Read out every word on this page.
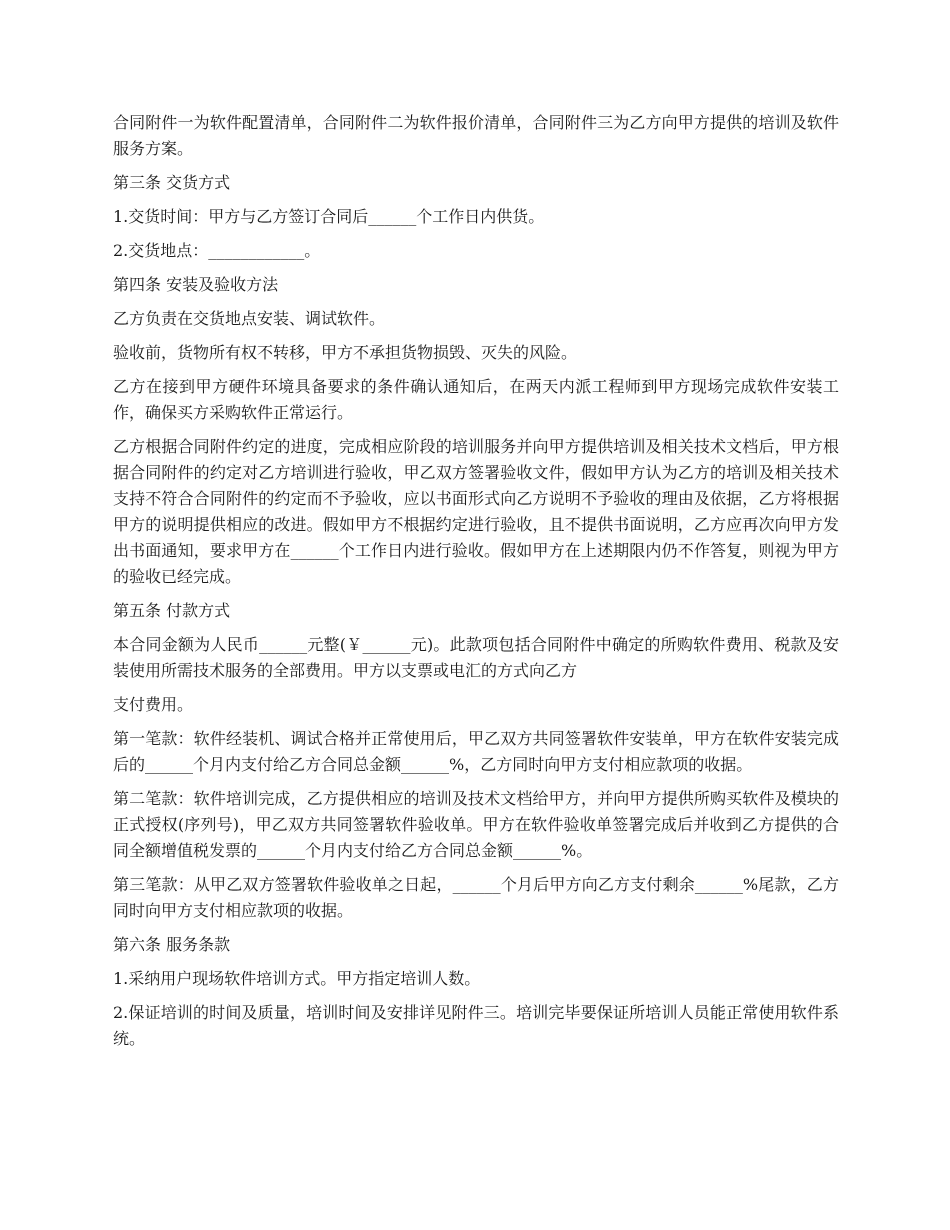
合同附件一为软件配置清单，合同附件二为软件报价清单，合同附件三为乙方向甲方提供的培训及软件服务方案。

第三条 交货方式

1.交货时间：甲方与乙方签订合同后______个工作日内供货。

2.交货地点：____________。

第四条 安装及验收方法

乙方负责在交货地点安装、调试软件。

验收前，货物所有权不转移，甲方不承担货物损毁、灭失的风险。

乙方在接到甲方硬件环境具备要求的条件确认通知后，在两天内派工程师到甲方现场完成软件安装工作，确保买方采购软件正常运行。

乙方根据合同附件约定的进度，完成相应阶段的培训服务并向甲方提供培训及相关技术文档后，甲方根据合同附件的约定对乙方培训进行验收，甲乙双方签署验收文件，假如甲方认为乙方的培训及相关技术支持不符合合同附件的约定而不予验收，应以书面形式向乙方说明不予验收的理由及依据，乙方将根据甲方的说明提供相应的改进。假如甲方不根据约定进行验收，且不提供书面说明，乙方应再次向甲方发出书面通知，要求甲方在______个工作日内进行验收。假如甲方在上述期限内仍不作答复，则视为甲方的验收已经完成。

第五条 付款方式

本合同金额为人民币______元整(￥______元)。此款项包括合同附件中确定的所购软件费用、税款及安装使用所需技术服务的全部费用。甲方以支票或电汇的方式向乙方

支付费用。

第一笔款：软件经装机、调试合格并正常使用后，甲乙双方共同签署软件安装单，甲方在软件安装完成后的______个月内支付给乙方合同总金额______%，乙方同时向甲方支付相应款项的收据。

第二笔款：软件培训完成，乙方提供相应的培训及技术文档给甲方，并向甲方提供所购买软件及模块的正式授权(序列号)，甲乙双方共同签署软件验收单。甲方在软件验收单签署完成后并收到乙方提供的合同全额增值税发票的______个月内支付给乙方合同总金额______%。

第三笔款：从甲乙双方签署软件验收单之日起，______个月后甲方向乙方支付剩余______%尾款，乙方同时向甲方支付相应款项的收据。

第六条 服务条款

1.采纳用户现场软件培训方式。甲方指定培训人数。

2.保证培训的时间及质量，培训时间及安排详见附件三。培训完毕要保证所培训人员能正常使用软件系统。
